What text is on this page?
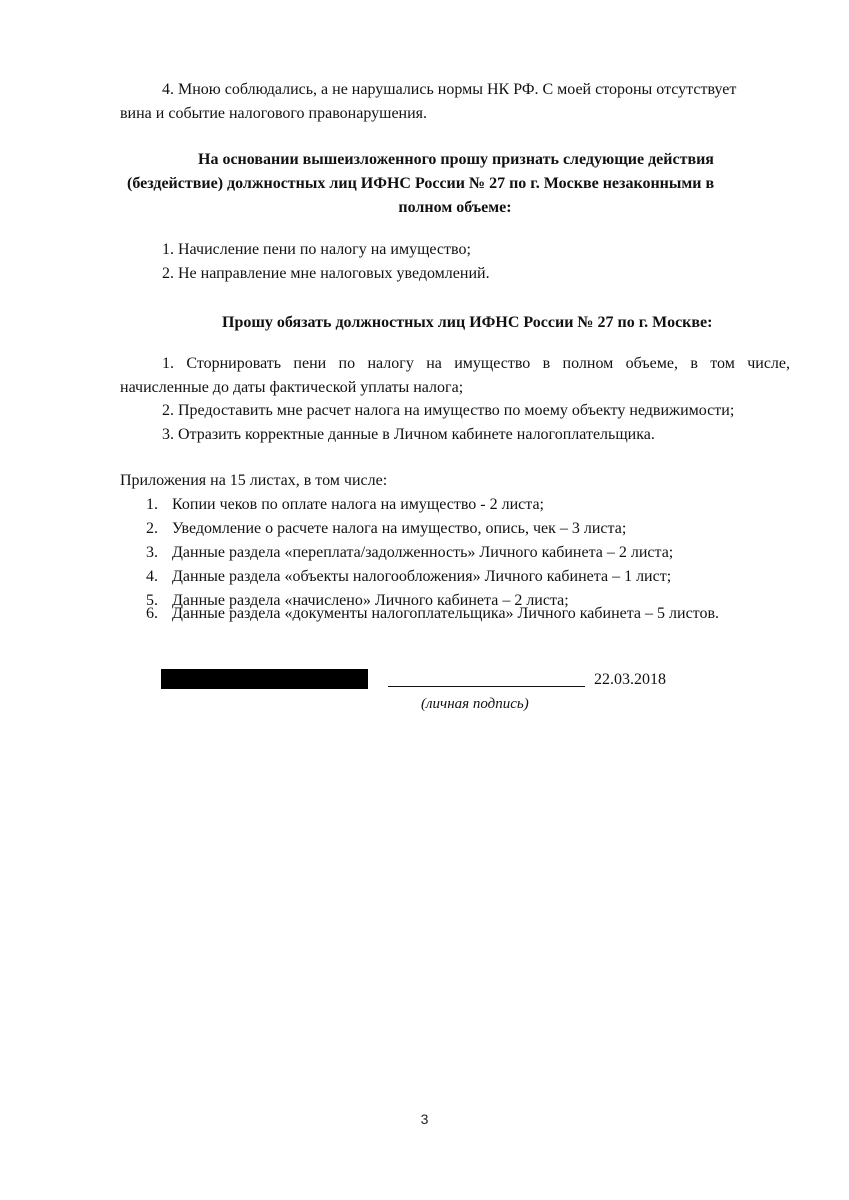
4. Мною соблюдались, а не нарушались нормы НК РФ. С моей стороны отсутствует
вина и событие налогового правонарушения.
На основании вышеизложенного прошу признать следующие действия
(бездействие) должностных лиц ИФНС России № 27 по г. Москве незаконными в
полном объеме:
1. Начисление пени по налогу на имущество;
2. Не направление мне налоговых уведомлений.
Прошу обязать должностных лиц ИФНС России № 27 по г. Москве:
1. Сторнировать пени по налогу на имущество в полном объеме, в том числе,
начисленные до даты фактической уплаты налога;
2. Предоставить мне расчет налога на имущество по моему объекту недвижимости;
3. Отразить корректные данные в Личном кабинете налогоплательщика.
Приложения на 15 листах, в том числе:
1. Копии чеков по оплате налога на имущество - 2 листа;
2. Уведомление о расчете налога на имущество, опись, чек – 3 листа;
3. Данные раздела «переплата/задолженность» Личного кабинета – 2 листа;
4. Данные раздела «объекты налогообложения» Личного кабинета – 1 лист;
5. Данные раздела «начислено» Личного кабинета – 2 листа;
6. Данные раздела «документы налогоплательщика» Личного кабинета – 5 листов.
22.03.2018
(личная подпись)
3
